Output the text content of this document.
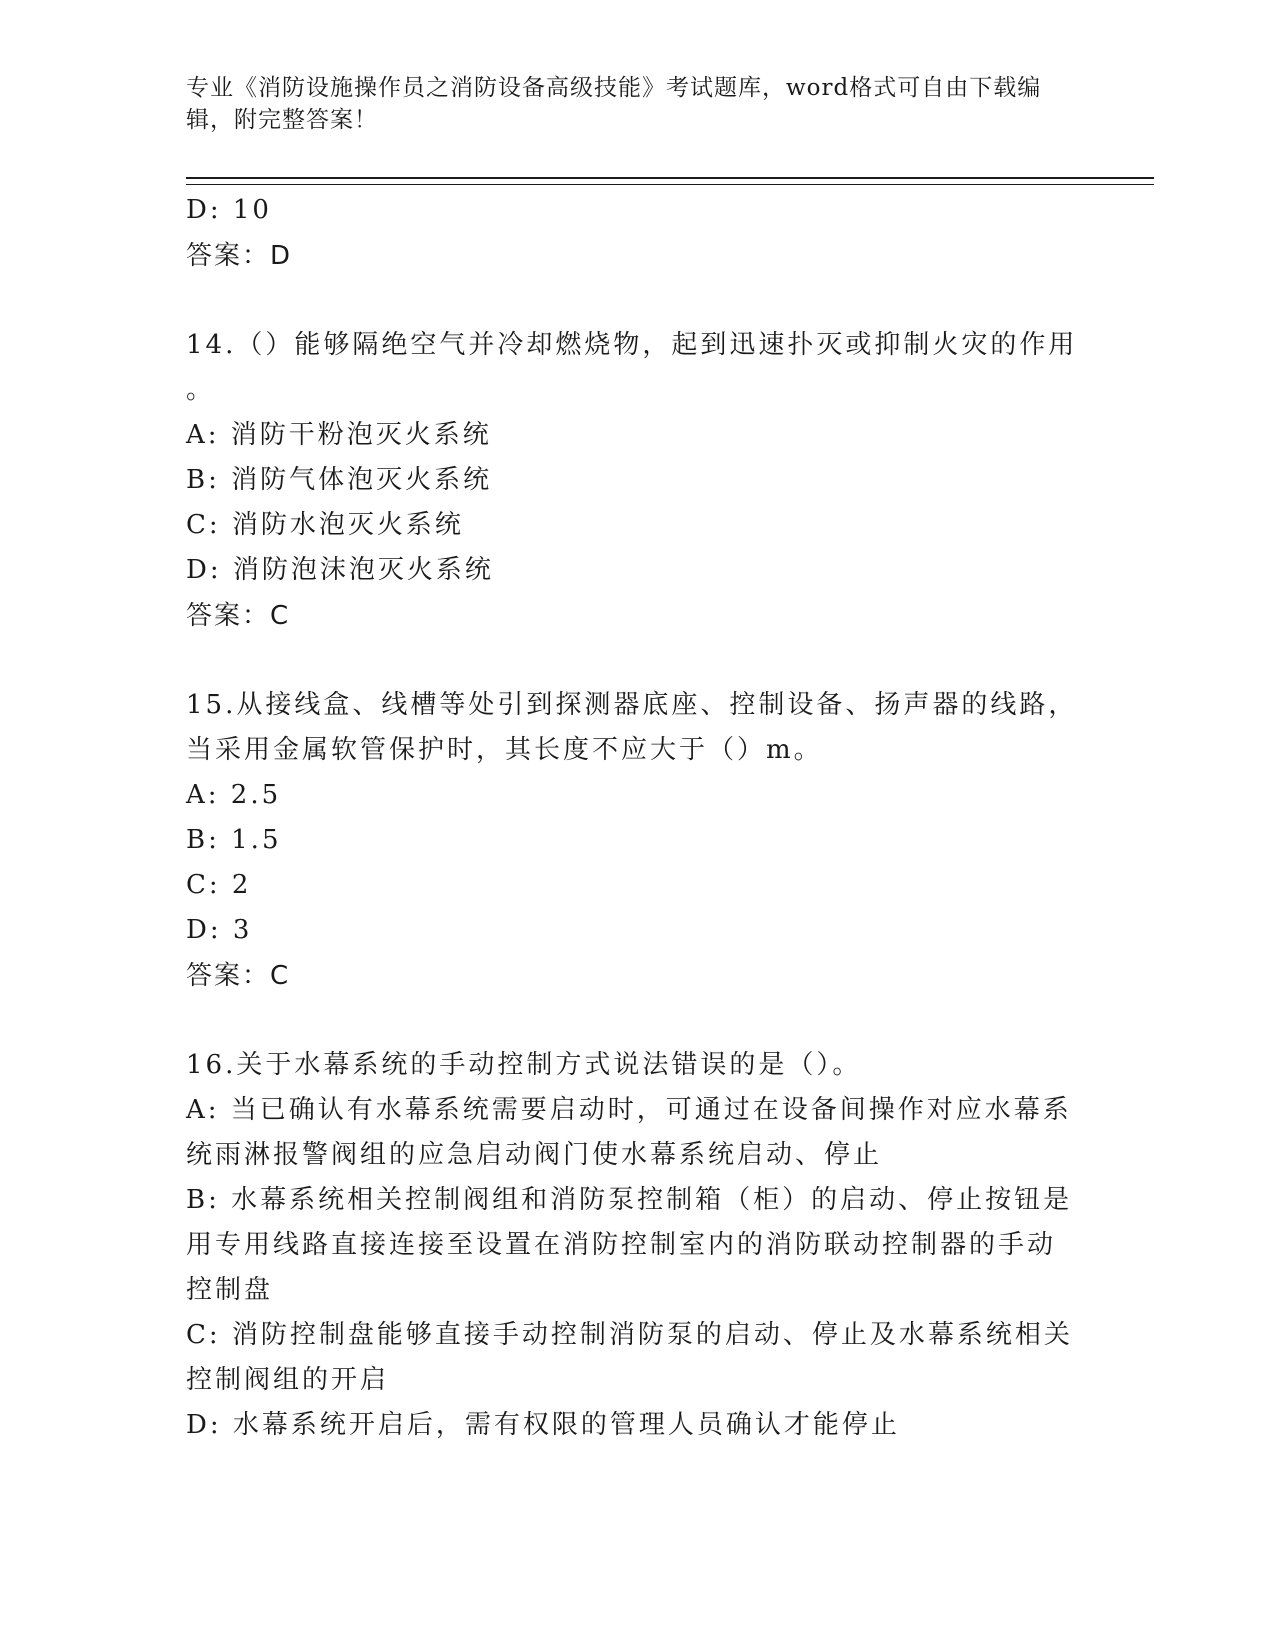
专业《消防设施操作员之消防设备高级技能》考试题库，word格式可自由下载编
辑，附完整答案！
D: 10
答案：D
14.（）能够隔绝空气并冷却燃烧物，起到迅速扑灭或抑制火灾的作用
。
A: 消防干粉泡灭火系统
B: 消防气体泡灭火系统
C: 消防水泡灭火系统
D: 消防泡沫泡灭火系统
答案：C
15.从接线盒、线槽等处引到探测器底座、控制设备、扬声器的线路，
当采用金属软管保护时，其长度不应大于（）m。
A: 2.5
B: 1.5
C: 2
D: 3
答案：C
16.关于水幕系统的手动控制方式说法错误的是（）。
A: 当已确认有水幕系统需要启动时，可通过在设备间操作对应水幕系
统雨淋报警阀组的应急启动阀门使水幕系统启动、停止
B: 水幕系统相关控制阀组和消防泵控制箱（柜）的启动、停止按钮是
用专用线路直接连接至设置在消防控制室内的消防联动控制器的手动
控制盘
C: 消防控制盘能够直接手动控制消防泵的启动、停止及水幕系统相关
控制阀组的开启
D: 水幕系统开启后，需有权限的管理人员确认才能停止
